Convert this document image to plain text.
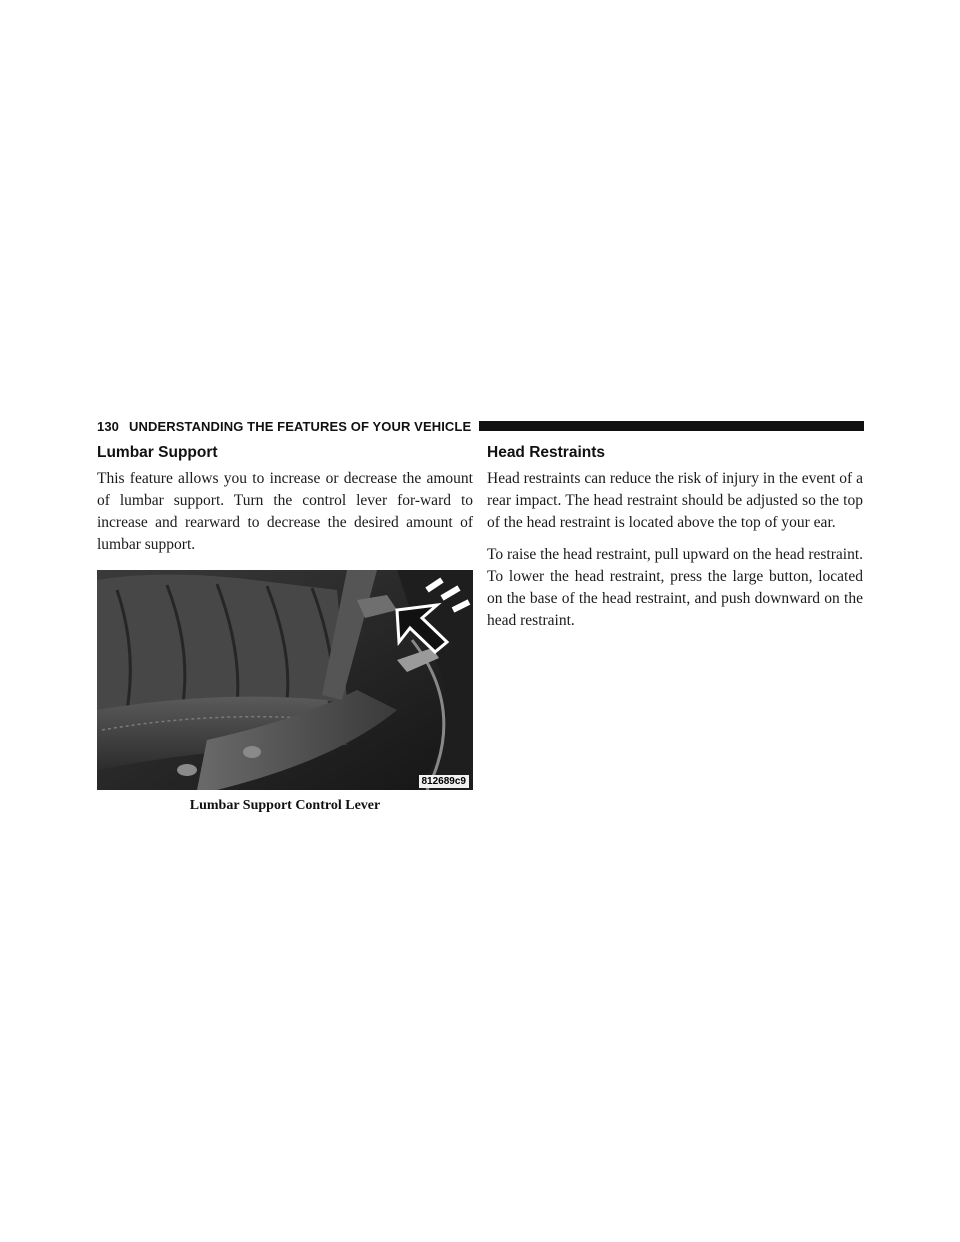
130 UNDERSTANDING THE FEATURES OF YOUR VEHICLE
Lumbar Support

This feature allows you to increase or decrease the amount of lumbar support. Turn the control lever for-ward to increase and rearward to decrease the desired amount of lumbar support.

812689c9
Lumbar Support Control Lever
Head Restraints

Head restraints can reduce the risk of injury in the event of a rear impact. The head restraint should be adjusted so the top of the head restraint is located above the top of your ear.

To raise the head restraint, pull upward on the head restraint. To lower the head restraint, press the large button, located on the base of the head restraint, and push downward on the head restraint.
